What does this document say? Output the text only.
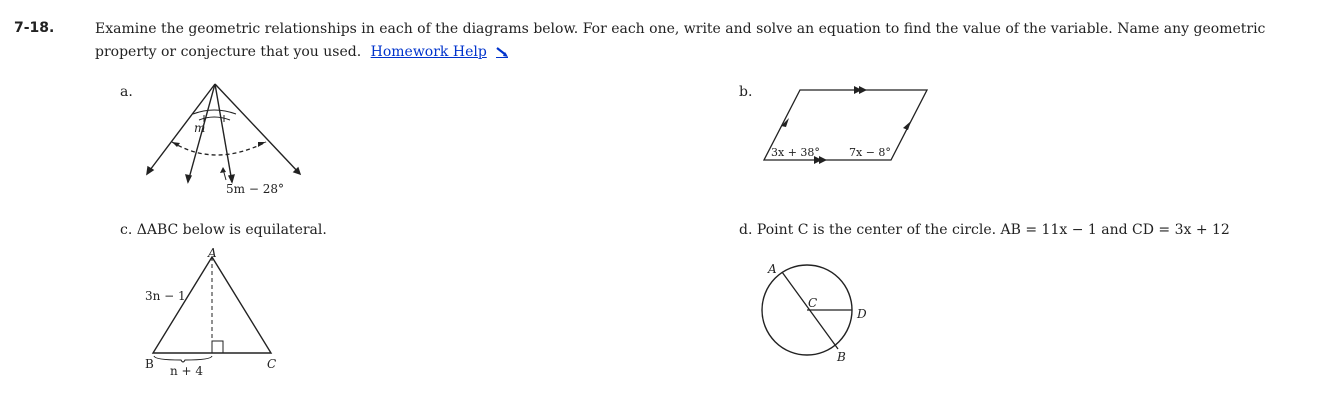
7-18.	Examine the geometric relationships in each of the diagrams below. For each one, write and solve an equation to find the value of the variable. Name any geometric property or conjecture that you used. Homework Help
a.
m
5m − 28°
b.
3x + 38°	7x − 8°
c. ΔABC below is equilateral.
A
B	C
3n − 1
n + 4
d. Point C is the center of the circle. AB = 11x − 1 and CD = 3x + 12
A
C
D
B
